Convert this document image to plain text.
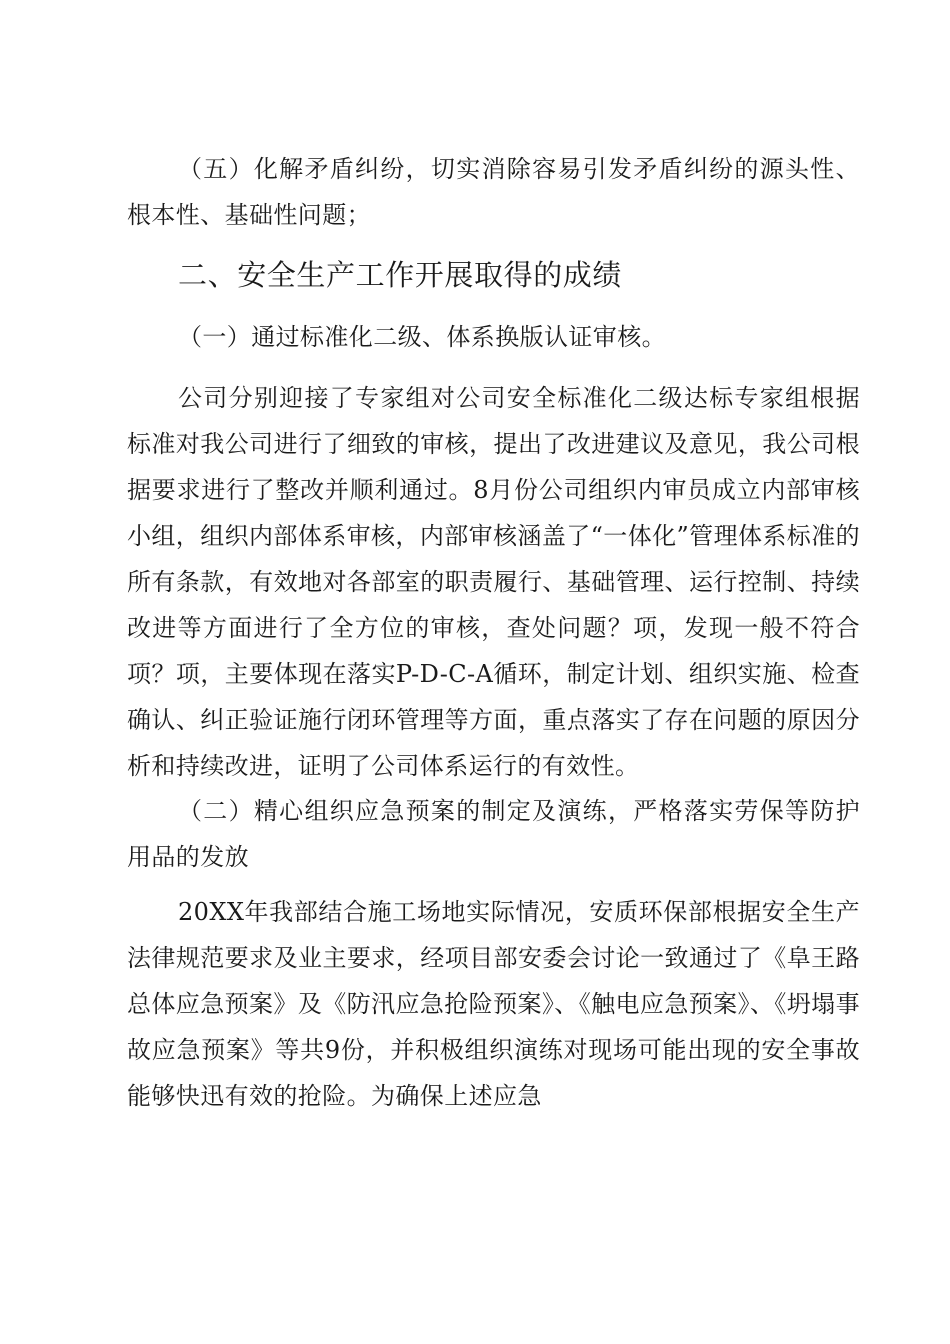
（五）化解矛盾纠纷，切实消除容易引发矛盾纠纷的源头性、根本性、基础性问题；

二、安全生产工作开展取得的成绩

（一）通过标准化二级、体系换版认证审核。

公司分别迎接了专家组对公司安全标准化二级达标专家组根据标准对我公司进行了细致的审核，提出了改进建议及意见，我公司根据要求进行了整改并顺利通过。8月份公司组织内审员成立内部审核小组，组织内部体系审核，内部审核涵盖了“一体化”管理体系标准的所有条款，有效地对各部室的职责履行、基础管理、运行控制、持续改进等方面进行了全方位的审核，查处问题？项，发现一般不符合项？项，主要体现在落实P-D-C-A循环，制定计划、组织实施、检查确认、纠正验证施行闭环管理等方面，重点落实了存在问题的原因分析和持续改进，证明了公司体系运行的有效性。

（二）精心组织应急预案的制定及演练，严格落实劳保等防护用品的发放

20XX年我部结合施工场地实际情况，安质环保部根据安全生产法律规范要求及业主要求，经项目部安委会讨论一致通过了《阜王路总体应急预案》及《防汛应急抢险预案》、《触电应急预案》、《坍塌事故应急预案》等共9份，并积极组织演练对现场可能出现的安全事故能够快迅有效的抢险。为确保上述应急
